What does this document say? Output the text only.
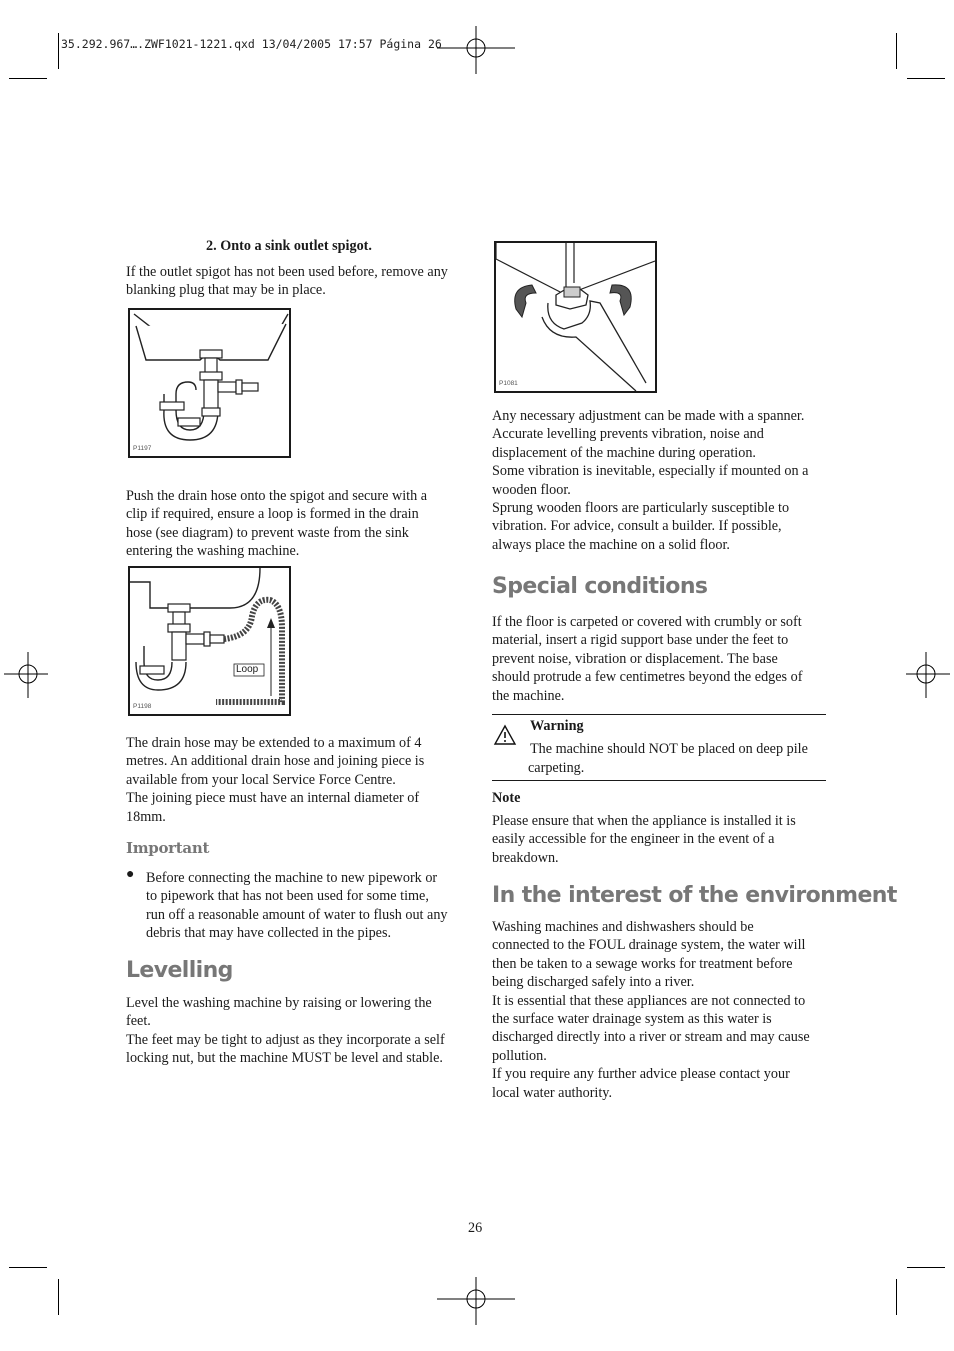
35.292.967….ZWF1021-1221.qxd 13/04/2005 17:57 Página 26
2. Onto a sink outlet spigot.

If the outlet spigot has not been used before, remove any

blanking plug that may be in place.

P1197

Push the drain hose onto the spigot and secure with a

clip if required, ensure a loop is formed in the drain

hose (see diagram) to prevent waste from the sink

entering the washing machine.

Loop
P1198

The drain hose may be extended to a maximum of 4

metres. An additional drain hose and joining piece is

available from your local Service Force Centre.

The joining piece must have an internal diameter of

18mm.

Important
● Before connecting the machine to new pipework or

to pipework that has not been used for some time,

run off a reasonable amount of water to flush out any

debris that may have collected in the pipes.

Levelling

Level the washing machine by raising or lowering the

feet.

The feet may be tight to adjust as they incorporate a self

locking nut, but the machine MUST be level and stable.

P1081

Any necessary adjustment can be made with a spanner.

Accurate levelling prevents vibration, noise and

displacement of the machine during operation.

Some vibration is inevitable, especially if mounted on a

wooden floor.

Sprung wooden floors are particularly susceptible to

vibration. For advice, consult a builder. If possible,

always place the machine on a solid floor.

Special conditions

If the floor is carpeted or covered with crumbly or soft

material, insert a rigid support base under the feet to

prevent noise, vibration or displacement. The base

should protrude a few centimetres beyond the edges of

the machine.

Warning
The machine should NOT be placed on deep pile
carpeting.
Note

Please ensure that when the appliance is installed it is

easily accessible for the engineer in the event of a

breakdown.

In the interest of the environment

Washing machines and dishwashers should be

connected to the FOUL drainage system, the water will

then be taken to a sewage works for treatment before

being discharged safely into a river.

It is essential that these appliances are not connected to

the surface water drainage system as this water is

discharged directly into a river or stream and may cause

pollution.

If you require any further advice please contact your

local water authority.

26
